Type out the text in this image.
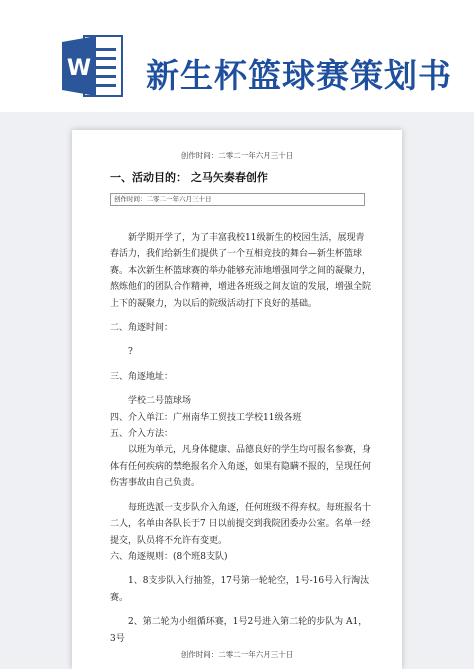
W 新生杯篮球赛策划书
创作时间：二零二一年六月三十日
一、活动目的： 之马矢奏春创作
创作时间：二零二一年六月三十日

新学期开学了，为了丰富我校11级新生的校园生活，展现青春活力，我们给新生们提供了一个互相竞技的舞台—新生杯篮球赛。本次新生杯篮球赛的举办能够充沛地增强同学之间的凝聚力，熬炼他们的团队合作精神，增进各班级之间友谊的发展，增强全院上下的凝聚力，为以后的院级活动打下良好的基础。

二、角逐时间：

?

三、角逐地址：

学校二号篮球场

四、介入单江：广州南华工贸技工学校11级各班

五、介入方法：

以班为单元，凡身体健康、品德良好的学生均可报名参赛，身体有任何疾病的禁绝报名介入角逐，如果有隐瞒不报的，呈现任何伤害事故由自己负责。

每班选派一支步队介入角逐，任何班级不得弃权。每班报名十二人，名单由各队长于7 日以前提交到我院团委办公室。名单一经提交，队员将不允许有变更。

六、角逐规则：(8个班8支队)

1、8支步队入行抽签，17号第一轮轮空，1号-16号入行淘汰赛。

2、第二轮为小组循环赛，1号2号进入第二轮的步队为 A1，3号

创作时间：二零二一年六月三十日
